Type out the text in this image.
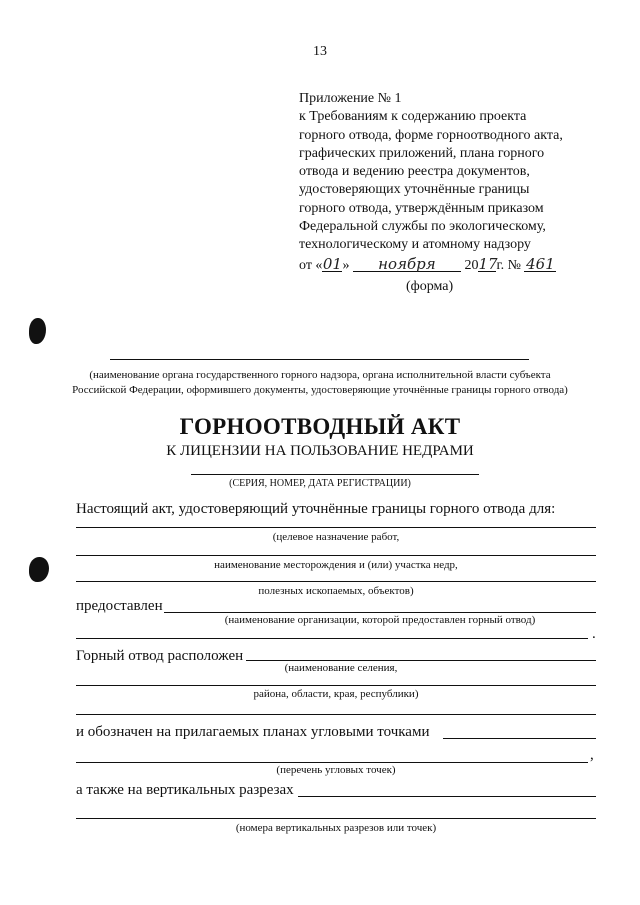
13
Приложение № 1
к Требованиям к содержанию проекта
горного отвода, форме горноотводного акта,
графических приложений, плана горного
отвода и ведению реестра документов,
удостоверяющих уточнённые границы
горного отвода, утверждённым приказом
Федеральной службы по экологическому,
технологическому и атомному надзору
от «01» ноября 2017г. № 461
(форма)
(наименование органа государственного горного надзора, органа исполнительной власти субъекта
Российской Федерации, оформившего документы, удостоверяющие уточнённые границы горного отвода)
ГОРНООТВОДНЫЙ АКТ
К ЛИЦЕНЗИИ НА ПОЛЬЗОВАНИЕ НЕДРАМИ
(СЕРИЯ, НОМЕР, ДАТА РЕГИСТРАЦИИ)
Настоящий акт, удостоверяющий уточнённые границы горного отвода для:
(целевое назначение работ,
наименование месторождения и (или) участка недр,
полезных ископаемых, объектов)
предоставлен
(наименование организации, которой предоставлен горный отвод)
.
Горный отвод расположен
(наименование селения,
района, области, края, республики)
и обозначен на прилагаемых планах угловыми точками
,
(перечень угловых точек)
а также на вертикальных разрезах
(номера вертикальных разрезов или точек)
